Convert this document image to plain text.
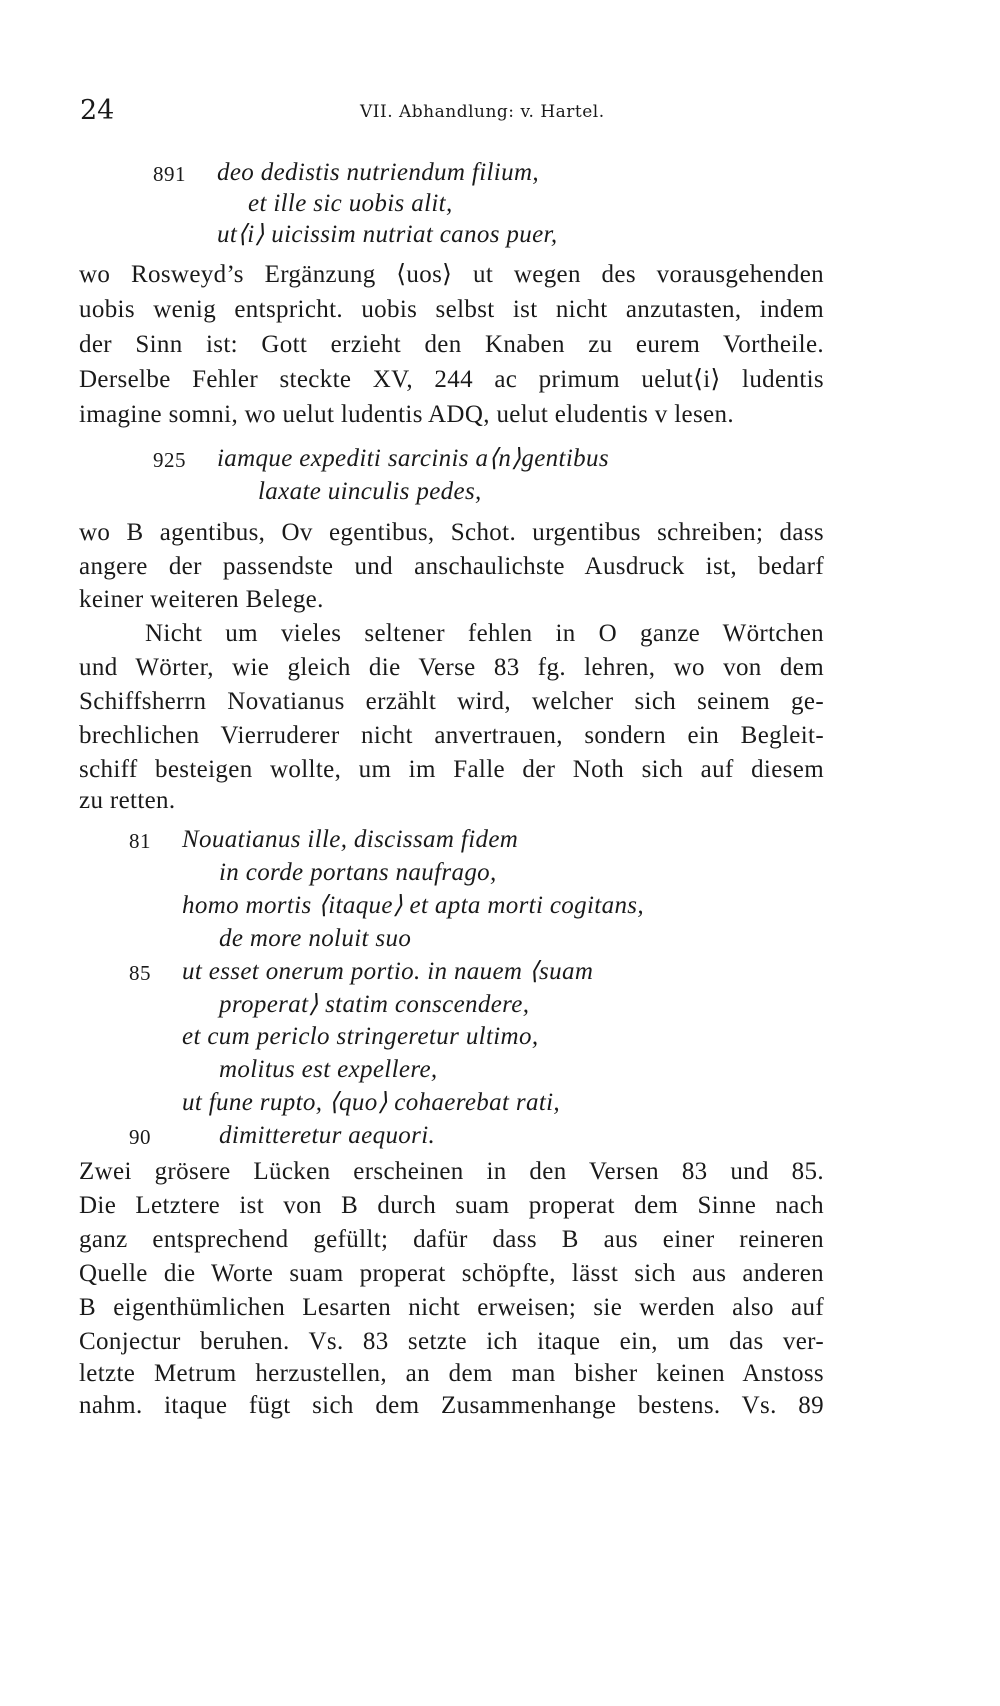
24	VII. Abhandlung: v. Hartel.
891 deo dedistis nutriendum filium,
et ille sic uobis alit,
ut⟨i⟩ uicissim nutriat canos puer,
wo Rosweyd’s Ergänzung ⟨uos⟩ ut wegen des vorausgehenden
uobis wenig entspricht. uobis selbst ist nicht anzutasten, indem
der Sinn ist: Gott erzieht den Knaben zu eurem Vortheile.
Derselbe Fehler steckte XV, 244 ac primum uelut⟨i⟩ ludentis
imagine somni, wo uelut ludentis ADQ, uelut eludentis v lesen.
925 iamque expediti sarcinis a⟨n⟩gentibus
laxate uinculis pedes,
wo B agentibus, Ov egentibus, Schot. urgentibus schreiben; dass
angere der passendste und anschaulichste Ausdruck ist, bedarf
keiner weiteren Belege.
Nicht um vieles seltener fehlen in O ganze Wörtchen
und Wörter, wie gleich die Verse 83 fg. lehren, wo von dem
Schiffsherrn Novatianus erzählt wird, welcher sich seinem ge-
brechlichen Vierruderer nicht anvertrauen, sondern ein Begleit-
schiff besteigen wollte, um im Falle der Noth sich auf diesem
zu retten.
81 Nouatianus ille, discissam fidem
in corde portans naufrago,
homo mortis ⟨itaque⟩ et apta morti cogitans,
de more noluit suo
85 ut esset onerum portio. in nauem ⟨suam
properat⟩ statim conscendere,
et cum periclo stringeretur ultimo,
molitus est expellere,
ut fune rupto, ⟨quo⟩ cohaerebat rati,
90	dimitteretur aequori.
Zwei grösere Lücken erscheinen in den Versen 83 und 85.
Die Letztere ist von B durch suam properat dem Sinne nach
ganz entsprechend gefüllt; dafür dass B aus einer reineren
Quelle die Worte suam properat schöpfte, lässt sich aus anderen
B eigenthümlichen Lesarten nicht erweisen; sie werden also auf
Conjectur beruhen. Vs. 83 setzte ich itaque ein, um das ver-
letzte Metrum herzustellen, an dem man bisher keinen Anstoss
nahm. itaque fügt sich dem Zusammenhange bestens. Vs. 89
